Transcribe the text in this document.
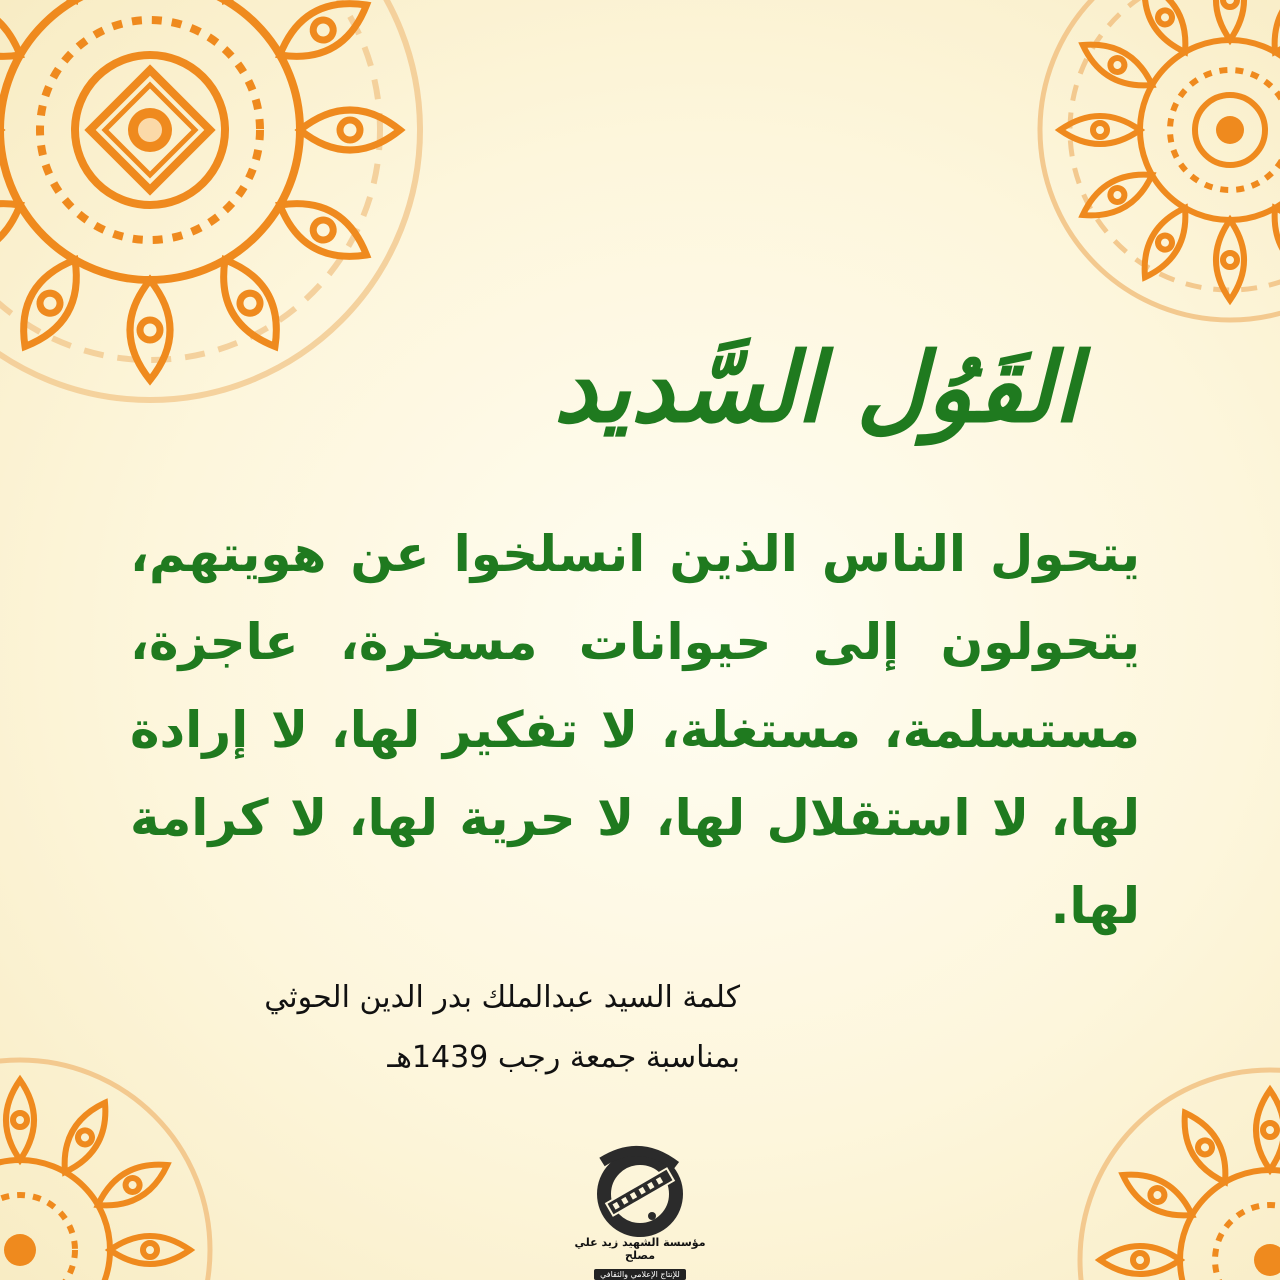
القَوُل السَّديد
يتحول الناس الذين انسلخوا عن هويتهم، يتحولون إلى حيوانات مسخرة، عاجزة، مستسلمة، مستغلة، لا تفكير لها، لا إرادة لها، لا استقلال لها، لا حرية لها، لا كرامة لها.
كلمة السيد عبدالملك بدر الدين الحوثي
بمناسبة جمعة رجب 1439هـ
مؤسسة الشهيد زيد علي مصلح
للإنتاج الإعلامي والثقافي
